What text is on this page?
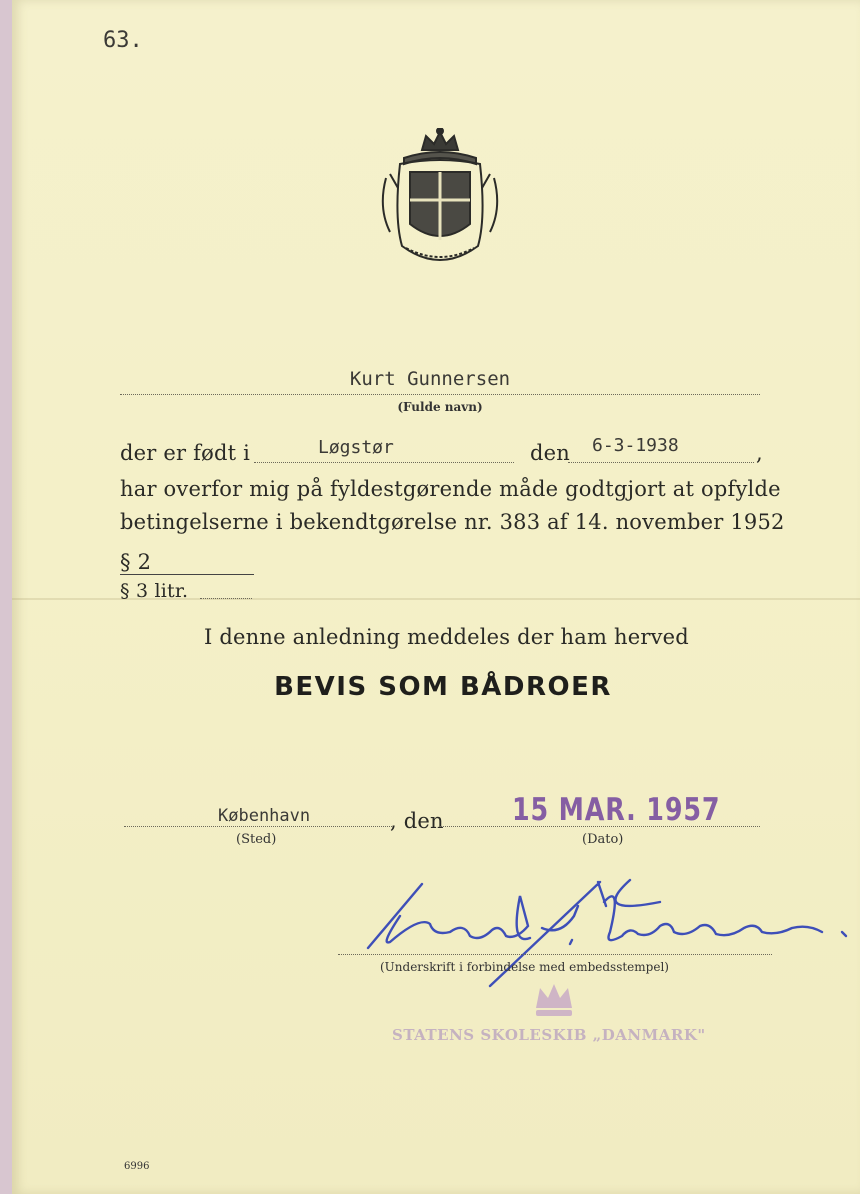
63.
Kurt Gunnersen
(Fulde navn)
der er født i	Løgstør	den 6-3-1938	,
har overfor mig på fyldestgørende måde godtgjort at opfylde
betingelserne i bekendtgørelse nr. 383 af 14. november 1952
§ 2
§ 3 litr.
I denne anledning meddeles der ham herved
BEVIS SOM BÅDROER
København
(Sted)
, den 15 MAR. 1957
(Dato)
(Underskrift i forbindelse med embedsstempel)
STATENS SKOLESKIB „DANMARK"
6996
